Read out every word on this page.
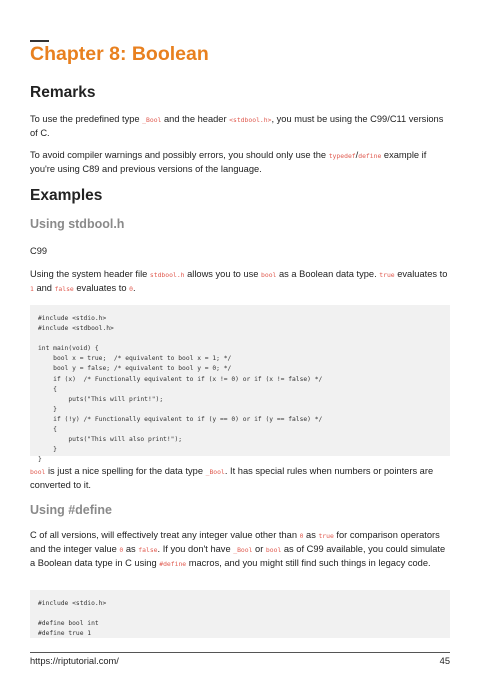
Chapter 8: Boolean
Remarks

To use the predefined type _Bool and the header <stdbool.h>, you must be using the C99/C11 versions of C.

To avoid compiler warnings and possibly errors, you should only use the typedef/define example if you're using C89 and previous versions of the language.

Examples
Using stdbool.h

C99

Using the system header file stdbool.h allows you to use bool as a Boolean data type. true evaluates to 1 and false evaluates to 0.

#include <stdio.h>
#include <stdbool.h>

int main(void) {
bool x = true;  /* equivalent to bool x = 1; */
bool y = false; /* equivalent to bool y = 0; */
if (x)  /* Functionally equivalent to if (x != 0) or if (x != false) */
{
puts("This will print!");
}
if (!y) /* Functionally equivalent to if (y == 0) or if (y == false) */
{
puts("This will also print!");
}
}

bool is just a nice spelling for the data type _Bool. It has special rules when numbers or pointers are converted to it.

Using #define

C of all versions, will effectively treat any integer value other than 0 as true for comparison operators and the integer value 0 as false. If you don't have _Bool or bool as of C99 available, you could simulate a Boolean data type in C using #define macros, and you might still find such things in legacy code.

#include <stdio.h>

#define bool int
#define true 1
https://riptutorial.com/	45
